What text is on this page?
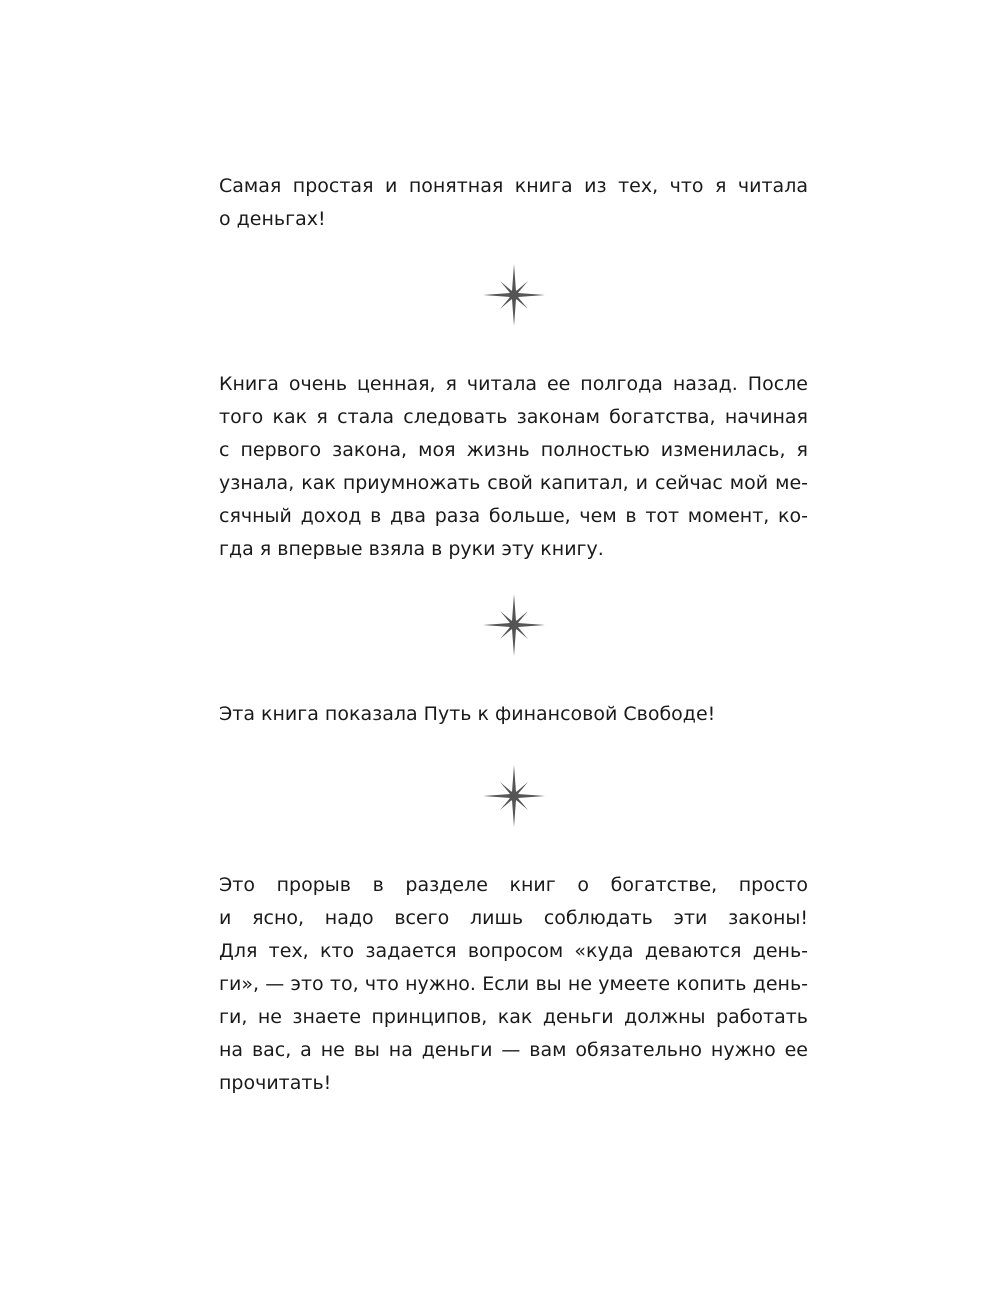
Самая простая и понятная книга из тех, что я читала
о деньгах!
Книга очень ценная, я читала ее полгода назад. После
того как я стала следовать законам богатства, начиная
с первого закона, моя жизнь полностью изменилась, я
узнала, как приумножать свой капитал, и сейчас мой ме-
сячный доход в два раза больше, чем в тот момент, ко-
гда я впервые взяла в руки эту книгу.
Эта книга показала Путь к финансовой Свободе!
Это прорыв в разделе книг о богатстве, просто
и ясно, надо всего лишь соблюдать эти законы!
Для тех, кто задается вопросом «куда деваются день-
ги», — это то, что нужно. Если вы не умеете копить день-
ги, не знаете принципов, как деньги должны работать
на вас, а не вы на деньги — вам обязательно нужно ее
прочитать!
